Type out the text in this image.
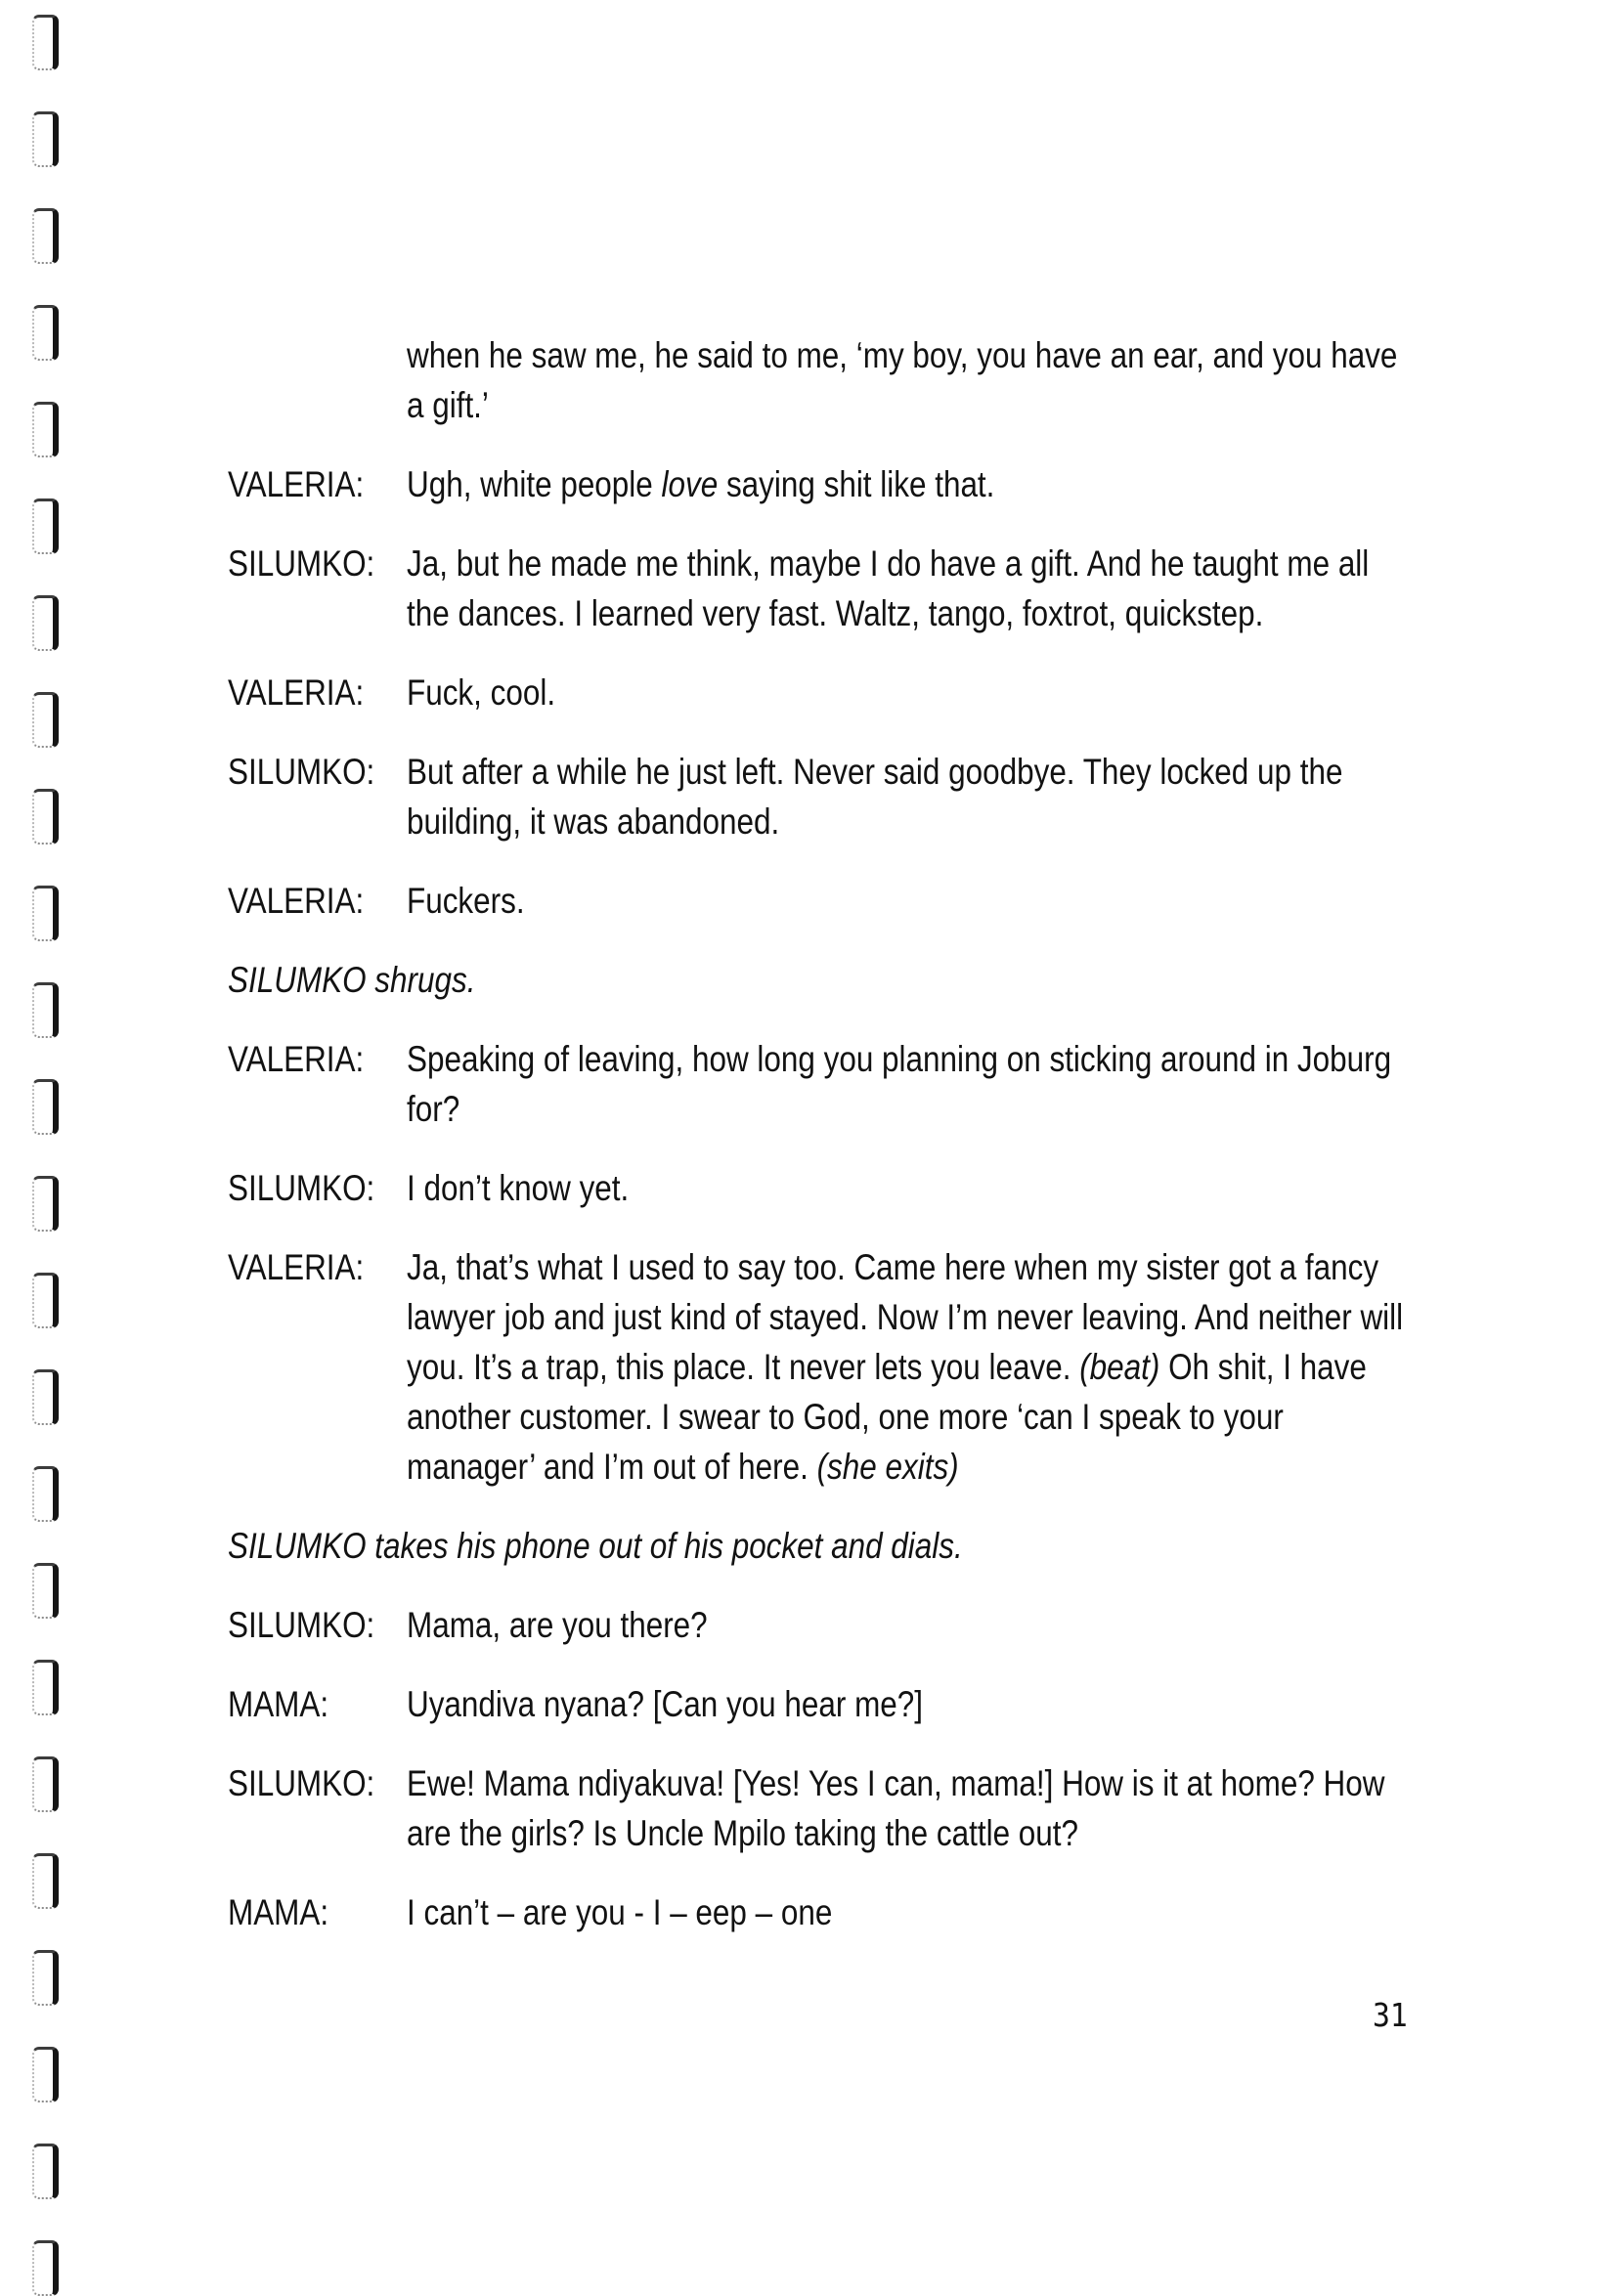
when he saw me, he said to me, ‘my boy, you have an ear, and you have
a gift.’
VALERIA: Ugh, white people love saying shit like that.
SILUMKO: Ja, but he made me think, maybe I do have a gift. And he taught me all
the dances. I learned very fast. Waltz, tango, foxtrot, quickstep.
VALERIA: Fuck, cool.
SILUMKO: But after a while he just left. Never said goodbye. They locked up the
building, it was abandoned.
VALERIA: Fuckers.
SILUMKO shrugs.
VALERIA: Speaking of leaving, how long you planning on sticking around in Joburg
for?
SILUMKO: I don’t know yet.
VALERIA: Ja, that’s what I used to say too. Came here when my sister got a fancy
lawyer job and just kind of stayed. Now I’m never leaving. And neither will
you. It’s a trap, this place. It never lets you leave. (beat) Oh shit, I have
another customer. I swear to God, one more ‘can I speak to your
manager’ and I’m out of here. (she exits)
SILUMKO takes his phone out of his pocket and dials.
SILUMKO: Mama, are you there?
MAMA: Uyandiva nyana? [Can you hear me?]
SILUMKO: Ewe! Mama ndiyakuva! [Yes! Yes I can, mama!] How is it at home? How
are the girls? Is Uncle Mpilo taking the cattle out?
MAMA: I can’t – are you - I – eep – one
31
